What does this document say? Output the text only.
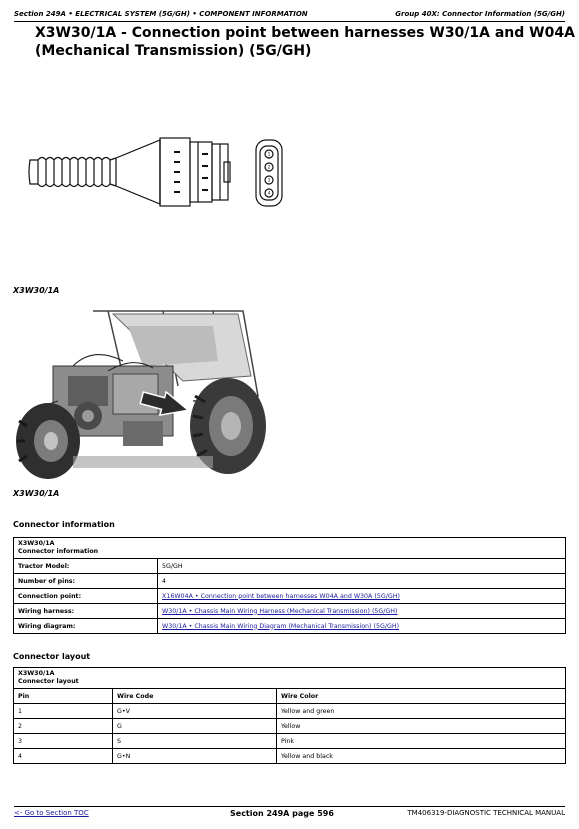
Section 249A • ELECTRICAL SYSTEM (5G/GH) • COMPONENT INFORMATION	Group 40X: Connector Information (5G/GH)
X3W30/1A - Connection point between harnesses W30/1A and W04A (Mechanical Transmission) (5G/GH)
1
2
3
4
X3W30/1A
X3W30/1A
Connector information
X3W30/1A
Connector information	

Tractor Model:	5G/GH
Number of pins:	4
Connection point:	X16W04A • Connection point between harnesses W04A and W30A (5G/GH)
Wiring harness:	W30/1A • Chassis Main Wiring Harness (Mechanical Transmission) (5G/GH)
Wiring diagram:	W30/1A • Chassis Main Wiring Diagram (Mechanical Transmission) (5G/GH)
Connector layout
X3W30/1A
Connector layout		

Pin	Wire Code	Wire Color
1	G•V	Yellow and green
2	G	Yellow
3	S	Pink
4	G•N	Yellow and black
<- Go to Section TOC	Section 249A page 596	TM406319-DIAGNOSTIC TECHNICAL MANUAL
